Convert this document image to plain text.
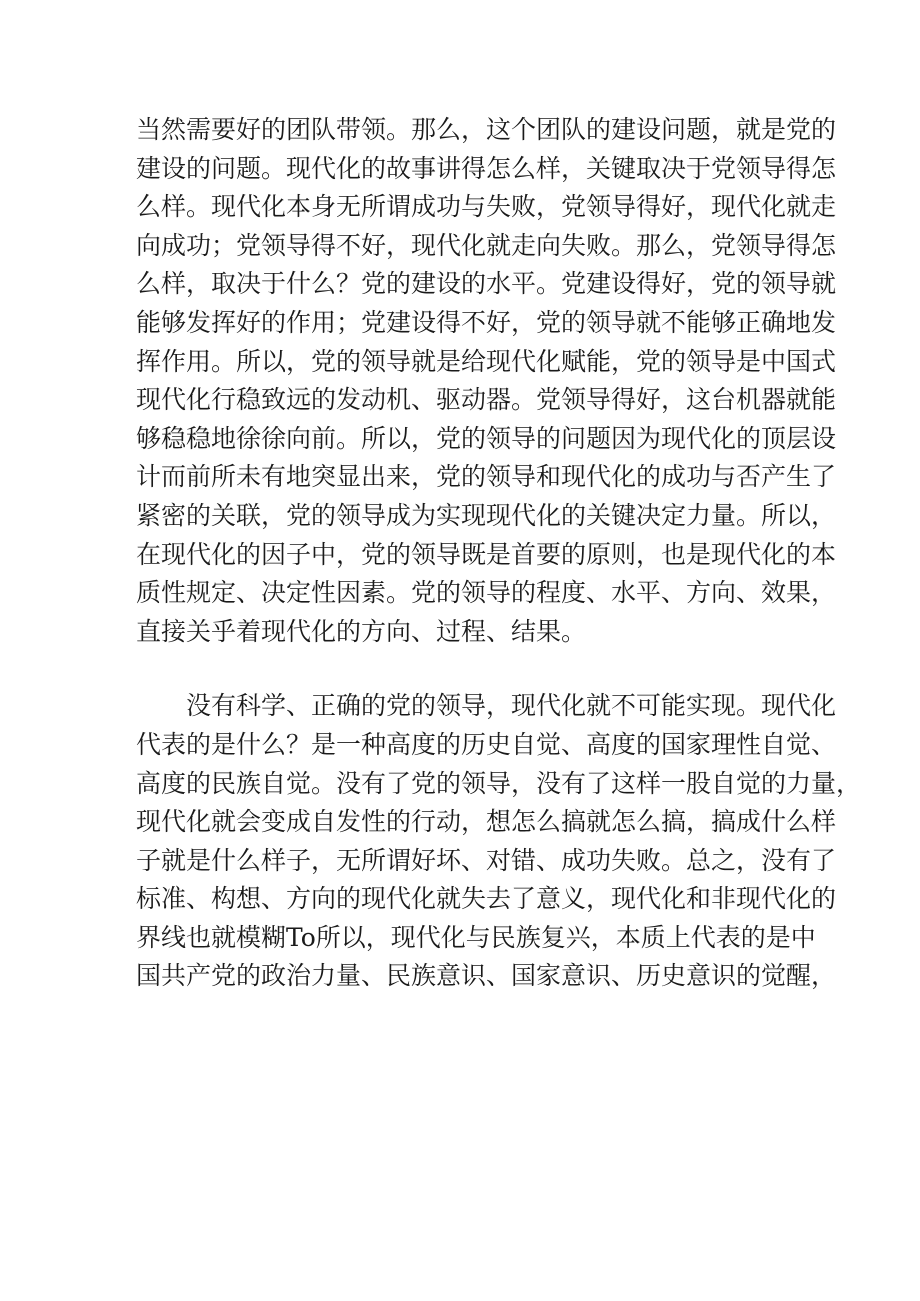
当然需要好的团队带领。那么，这个团队的建设问题，就是党的
建设的问题。现代化的故事讲得怎么样，关键取决于党领导得怎
么样。现代化本身无所谓成功与失败，党领导得好，现代化就走
向成功；党领导得不好，现代化就走向失败。那么，党领导得怎
么样，取决于什么？党的建设的水平。党建设得好，党的领导就
能够发挥好的作用；党建设得不好，党的领导就不能够正确地发
挥作用。所以，党的领导就是给现代化赋能，党的领导是中国式
现代化行稳致远的发动机、驱动器。党领导得好，这台机器就能
够稳稳地徐徐向前。所以，党的领导的问题因为现代化的顶层设
计而前所未有地突显出来，党的领导和现代化的成功与否产生了
紧密的关联，党的领导成为实现现代化的关键决定力量。所以，
在现代化的因子中，党的领导既是首要的原则，也是现代化的本
质性规定、决定性因素。党的领导的程度、水平、方向、效果，
直接关乎着现代化的方向、过程、结果。
没有科学、正确的党的领导，现代化就不可能实现。现代化
代表的是什么？是一种高度的历史自觉、高度的国家理性自觉、
高度的民族自觉。没有了党的领导，没有了这样一股自觉的力量，
现代化就会变成自发性的行动，想怎么搞就怎么搞，搞成什么样
子就是什么样子，无所谓好坏、对错、成功失败。总之，没有了
标准、构想、方向的现代化就失去了意义，现代化和非现代化的
界线也就模糊To所以，现代化与民族复兴，本质上代表的是中
国共产党的政治力量、民族意识、国家意识、历史意识的觉醒，
